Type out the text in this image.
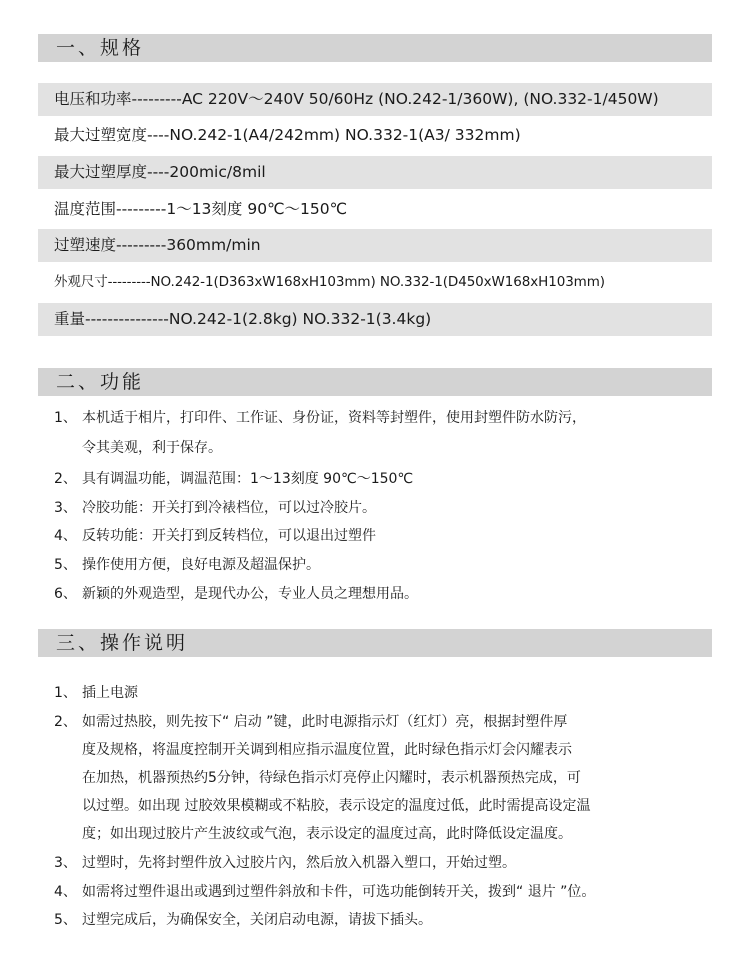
一、规格
电压和功率---------AC 220V～240V 50/60Hz (NO.242-1/360W), (NO.332-1/450W)
最大过塑宽度----NO.242-1(A4/242mm) NO.332-1(A3/ 332mm)
最大过塑厚度----200mic/8mil
温度范围---------1～13刻度 90℃～150℃
过塑速度---------360mm/min
外观尺寸---------NO.242-1(D363xW168xH103mm) NO.332-1(D450xW168xH103mm)
重量---------------NO.242-1(2.8kg) NO.332-1(3.4kg)
二、功能
1、 本机适于相片，打印件、工作证、身份证，资料等封塑件，使用封塑件防水防污，
令其美观，利于保存。
2、 具有调温功能，调温范围：1～13刻度 90℃～150℃
3、 冷胶功能：开关打到冷裱档位，可以过冷胶片。
4、 反转功能：开关打到反转档位，可以退出过塑件
5、 操作使用方便，良好电源及超温保护。
6、 新颖的外观造型，是现代办公，专业人员之理想用品。
三、操作说明
1、 插上电源
2、 如需过热胶，则先按下“ 启动 ”键，此时电源指示灯（红灯）亮，根据封塑件厚
度及规格，将温度控制开关调到相应指示温度位置，此时绿色指示灯会闪耀表示
在加热，机器预热约5分钟，待绿色指示灯亮停止闪耀时，表示机器预热完成，可
以过塑。如出现 过胶效果模糊或不粘胶，表示设定的温度过低，此时需提高设定温
度；如出现过胶片产生波纹或气泡，表示设定的温度过高，此时降低设定温度。
3、 过塑时，先将封塑件放入过胶片內，然后放入机器入塑口，开始过塑。
4、 如需将过塑件退出或遇到过塑件斜放和卡件，可选功能倒转开关，拨到“ 退片 ”位。
5、 过塑完成后，为确保安全，关闭启动电源，请拔下插头。
